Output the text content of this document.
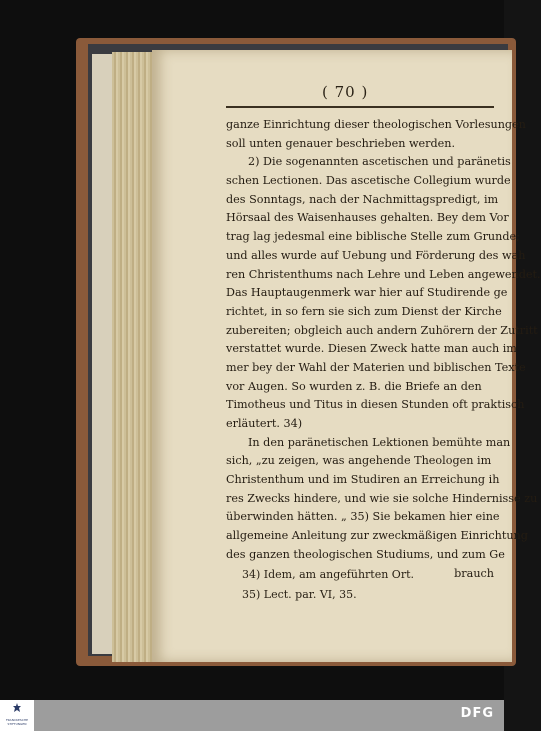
( 70 )
ganze Einrichtung dieser theologischen Vorlesungen
soll unten genauer beschrieben werden.
2) Die sogenannten ascetischen und paränetis
schen Lectionen. Das ascetische Collegium wurde
des Sonntags, nach der Nachmittagspredigt, im
Hörsaal des Waisenhauses gehalten. Bey dem Vor
trag lag jedesmal eine biblische Stelle zum Grunde;
und alles wurde auf Uebung und Förderung des wah
ren Christenthums nach Lehre und Leben angewendet.
Das Hauptaugenmerk war hier auf Studirende ge
richtet, in so fern sie sich zum Dienst der Kirche
zubereiten; obgleich auch andern Zuhörern der Zutritt
verstattet wurde. Diesen Zweck hatte man auch im
mer bey der Wahl der Materien und biblischen Texte
vor Augen. So wurden z. B. die Briefe an den
Timotheus und Titus in diesen Stunden oft praktisch
erläutert. 34)
In den paränetischen Lektionen bemühte man
sich, „zu zeigen, was angehende Theologen im
Christenthum und im Studiren an Erreichung ih
res Zwecks hindere, und wie sie solche Hindernisse zu
überwinden hätten. „ 35) Sie bekamen hier eine
allgemeine Anleitung zur zweckmäßigen Einrichtung
des ganzen theologischen Studiums, und zum Ge
brauch
34) Idem, am angeführten Ort.
35) Lect. par. VI, 35.
FRANCKESCHE STIFTUNGEN
DFG
